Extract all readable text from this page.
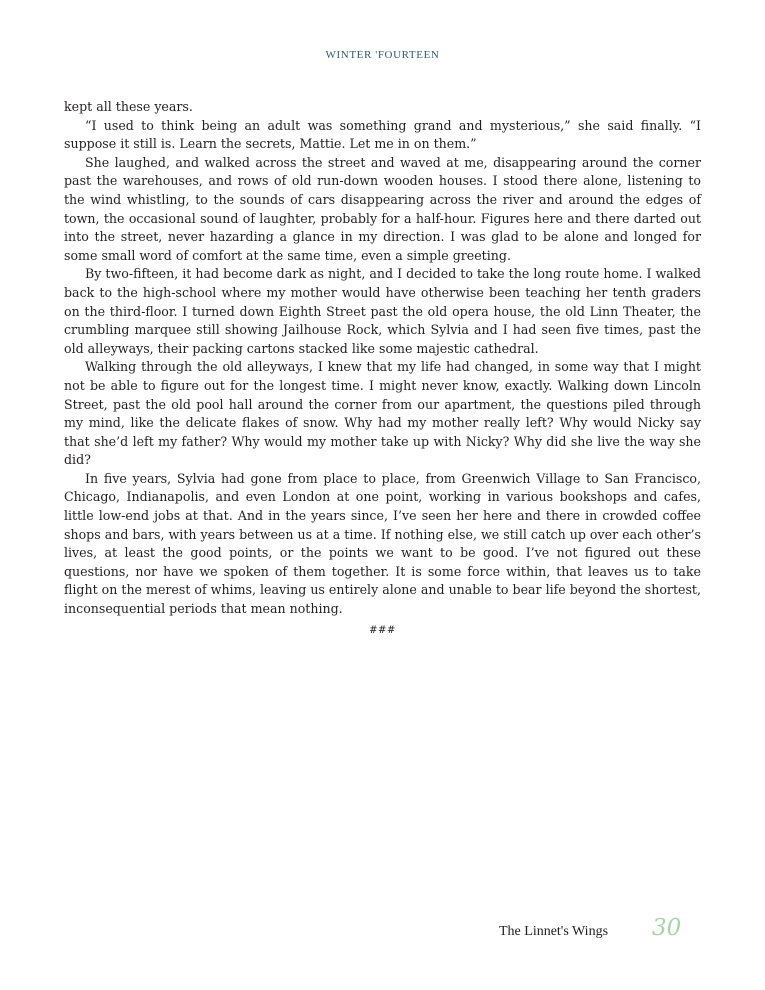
WINTER 'FOURTEEN

kept all these years.

“I used to think being an adult was something grand and mysterious,” she said finally. “I suppose it still is. Learn the secrets, Mattie. Let me in on them.”

She laughed, and walked across the street and waved at me, disappearing around the corner past the warehouses, and rows of old run-down wooden houses. I stood there alone, listening to the wind whistling, to the sounds of cars disappearing across the river and around the edges of town, the occasional sound of laughter, probably for a half-hour. Figures here and there darted out into the street, never hazarding a glance in my direction. I was glad to be alone and longed for some small word of comfort at the same time, even a simple greeting.

By two-fifteen, it had become dark as night, and I decided to take the long route home. I walked back to the high-school where my mother would have otherwise been teaching her tenth graders on the third-floor. I turned down Eighth Street past the old opera house, the old Linn Theater, the crumbling marquee still showing Jailhouse Rock, which Sylvia and I had seen five times, past the old alleyways, their packing cartons stacked like some majestic cathedral.

Walking through the old alleyways, I knew that my life had changed, in some way that I might not be able to figure out for the longest time. I might never know, exactly. Walking down Lincoln Street, past the old pool hall around the corner from our apartment, the questions piled through my mind, like the delicate flakes of snow. Why had my mother really left? Why would Nicky say that she’d left my father? Why would my mother take up with Nicky? Why did she live the way she did?

In five years, Sylvia had gone from place to place, from Greenwich Village to San Francisco, Chicago, Indianapolis, and even London at one point, working in various bookshops and cafes, little low-end jobs at that. And in the years since, I’ve seen her here and there in crowded coffee shops and bars, with years between us at a time. If nothing else, we still catch up over each other’s lives, at least the good points, or the points we want to be good. I’ve not figured out these questions, nor have we spoken of them together. It is some force within, that leaves us to take flight on the merest of whims, leaving us entirely alone and unable to bear life beyond the shortest, inconsequential periods that mean nothing.

###
The Linnet's Wings 30
